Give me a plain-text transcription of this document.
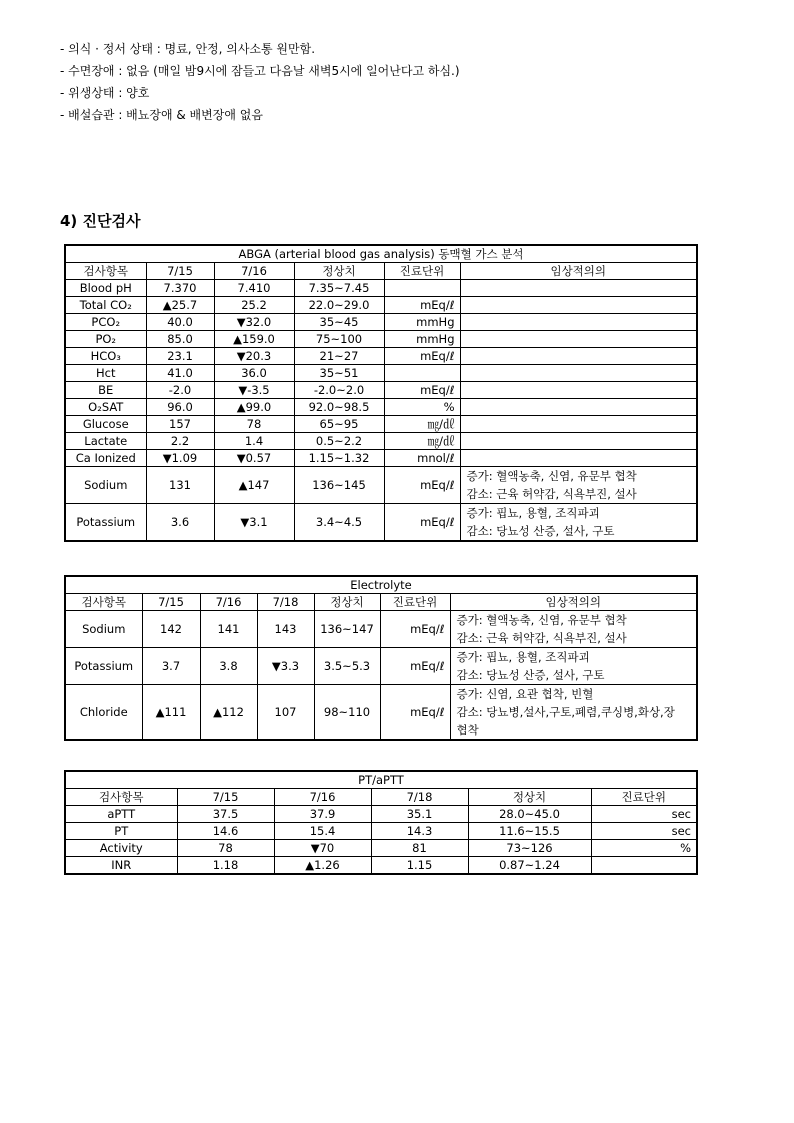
- 의식 · 정서 상태 : 명료, 안정, 의사소통 원만함.
- 수면장애 : 없음 (매일 밤9시에 잠들고 다음날 새벽5시에 일어난다고 하심.)
- 위생상태 : 양호
- 배설습관 : 배뇨장애 & 배변장애 없음
4) 진단검사
ABGA (arterial blood gas analysis) 동맥혈 가스 분석					
검사항목	7/15	7/16	정상치	진료단위	임상적의의
Blood pH	7.370	7.410	7.35~7.45		
Total CO₂	▲25.7	25.2	22.0~29.0	mEq/ℓ	
PCO₂	40.0	▼32.0	35~45	mmHg	
PO₂	85.0	▲159.0	75~100	mmHg	
HCO₃	23.1	▼20.3	21~27	mEq/ℓ	
Hct	41.0	36.0	35~51		
BE	-2.0	▼-3.5	-2.0~2.0	mEq/ℓ	
O₂SAT	96.0	▲99.0	92.0~98.5	%	
Glucose	157	78	65~95	㎎/㎗	
Lactate	2.2	1.4	0.5~2.2	㎎/㎗	
Ca Ionized	▼1.09	▼0.57	1.15~1.32	mnol/ℓ	
Sodium	131	▲147	136~145	mEq/ℓ	증가: 혈액농축, 신염, 유문부 협착
감소: 근육 허약감, 식욕부진, 설사

Potassium	3.6	▼3.1	3.4~4.5	mEq/ℓ	증가: 핍뇨, 용혈, 조직파괴
감소: 당뇨성 산증, 설사, 구토
Electrolyte						
검사항목	7/15	7/16	7/18	정상치	진료단위	임상적의의
Sodium	142	141	143	136~147	mEq/ℓ	증가: 혈액농축, 신염, 유문부 협착
감소: 근육 허약감, 식욕부진, 설사

Potassium	3.7	3.8	▼3.3	3.5~5.3	mEq/ℓ	증가: 핍뇨, 용혈, 조직파괴
감소: 당뇨성 산증, 설사, 구토

Chloride	▲111	▲112	107	98~110	mEq/ℓ	증가: 신염, 요관 협착, 빈혈
감소: 당뇨병,설사,구토,폐렴,쿠싱병,화상,장
협착
PT/aPTT					
검사항목	7/15	7/16	7/18	정상치	진료단위
aPTT	37.5	37.9	35.1	28.0~45.0	sec
PT	14.6	15.4	14.3	11.6~15.5	sec
Activity	78	▼70	81	73~126	%
INR	1.18	▲1.26	1.15	0.87~1.24	
